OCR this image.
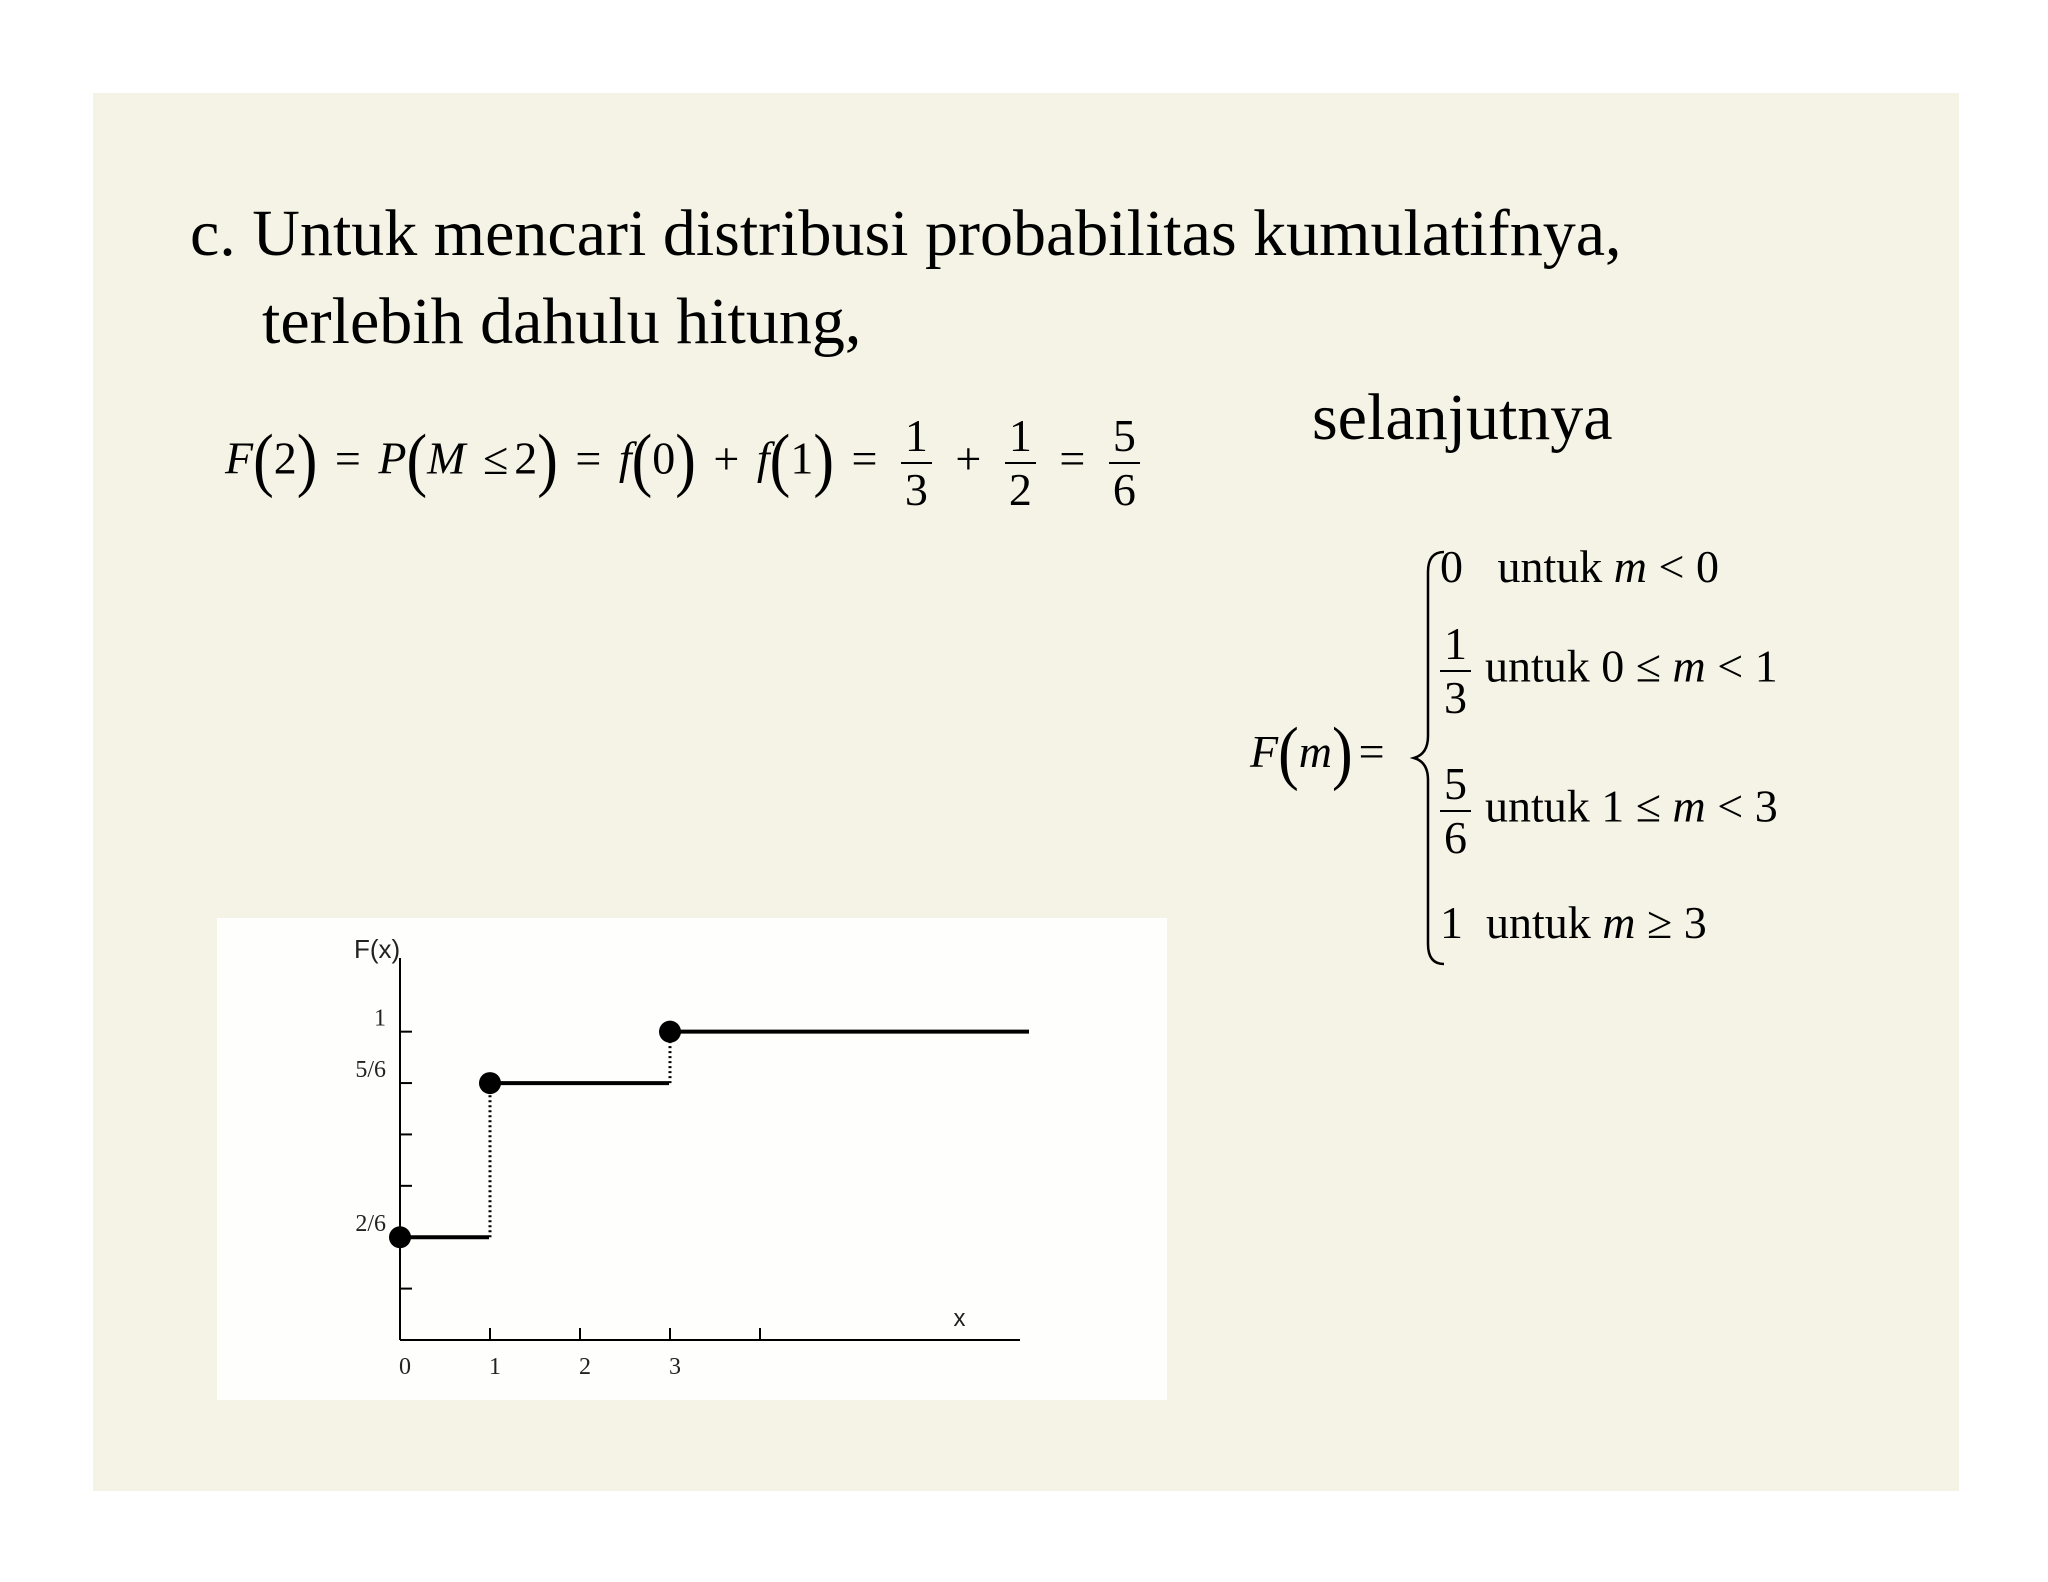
c. Untuk mencari distribusi probabilitas kumulatifnya,
terlebih dahulu hitung,
selanjutnya
$F(2) = P(M \le 2) = f(0) + f(1) = \frac{1}{3} + \frac{1}{2} = \frac{5}{6}$
F(m) =
0 untuk m < 0
$\frac{1}{3}$ untuk 0 ≤ m < 1
$\frac{5}{6}$ untuk 1 ≤ m < 3
1 untuk m ≥ 3
2/6
5/6
1
0	1	2	3
F(x)
x
